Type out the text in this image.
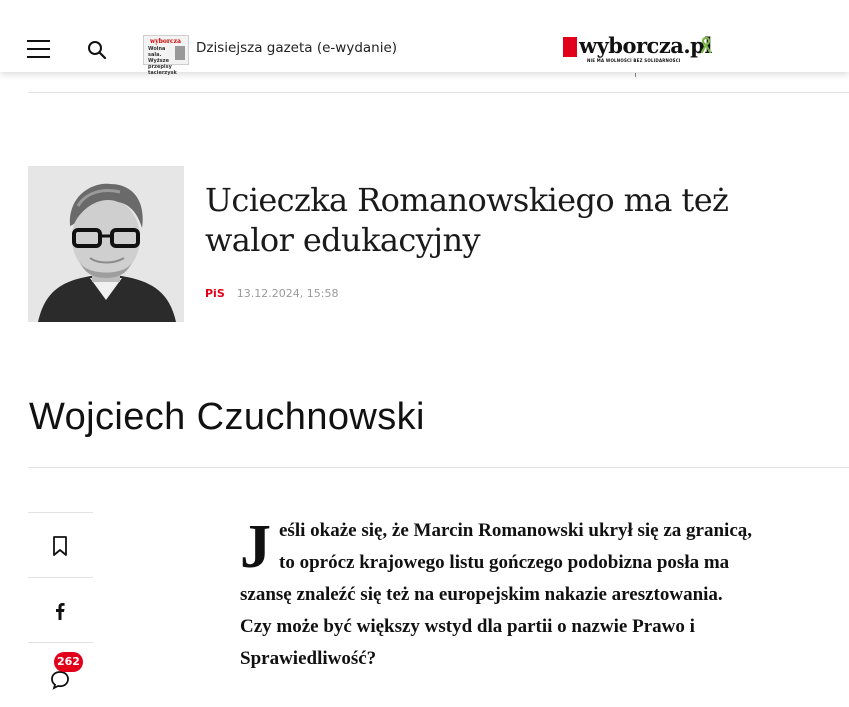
wyborcza
Wolna sala. Wyższe przepisy tacierzysk
Dzisiejsza gazeta (e-wydanie)	wyborcza.pl
NIE MA WOLNOŚCI BEZ SOLIDARNOŚCI
Ucieczka Romanowskiego ma też walor edukacyjny
PiS 13.12.2024, 15:58
Wojciech Czuchnowski
262
J eśli okaże się, że Marcin Romanowski ukrył się za granicą,
to oprócz krajowego listu gończego podobizna posła ma
szansę znaleźć się też na europejskim nakazie aresztowania.
Czy może być większy wstyd dla partii o nazwie Prawo i
Sprawiedliwość?
